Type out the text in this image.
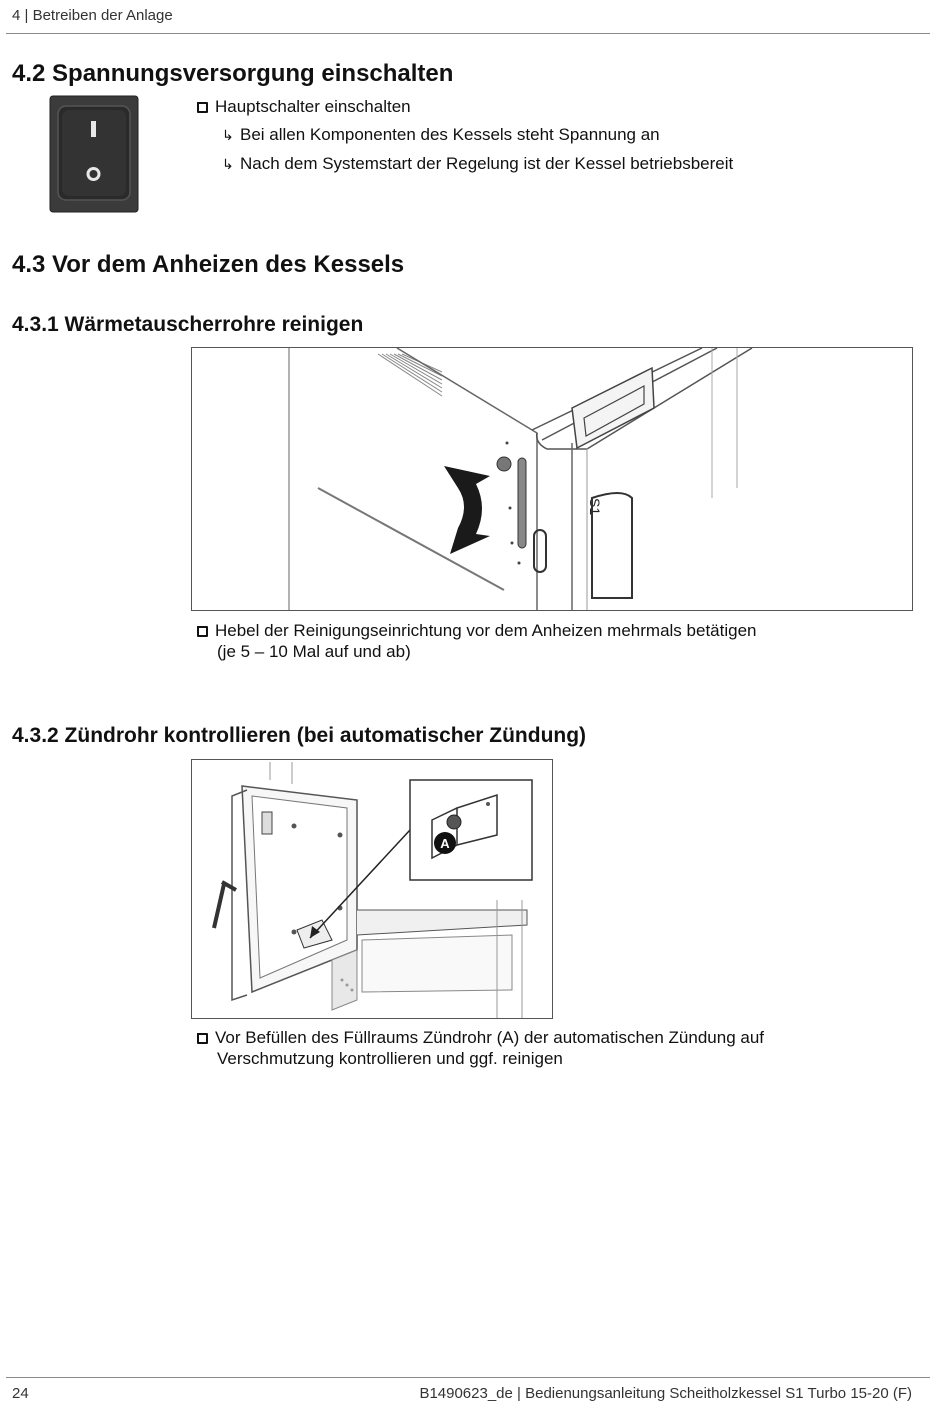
4 | Betreiben der Anlage
4.2 Spannungsversorgung einschalten
Hauptschalter einschalten
↳ Bei allen Komponenten des Kessels steht Spannung an
↳ Nach dem Systemstart der Regelung ist der Kessel betriebsbereit
4.3 Vor dem Anheizen des Kessels
4.3.1 Wärmetauscherrohre reinigen
S1
Hebel der Reinigungseinrichtung vor dem Anheizen mehrmals betätigen
(je 5 – 10 Mal auf und ab)
4.3.2 Zündrohr kontrollieren (bei automatischer Zündung)
A
Vor Befüllen des Füllraums Zündrohr (A) der automatischen Zündung auf
Verschmutzung kontrollieren und ggf. reinigen
24	B1490623_de | Bedienungsanleitung Scheitholzkessel S1 Turbo 15-20 (F)
